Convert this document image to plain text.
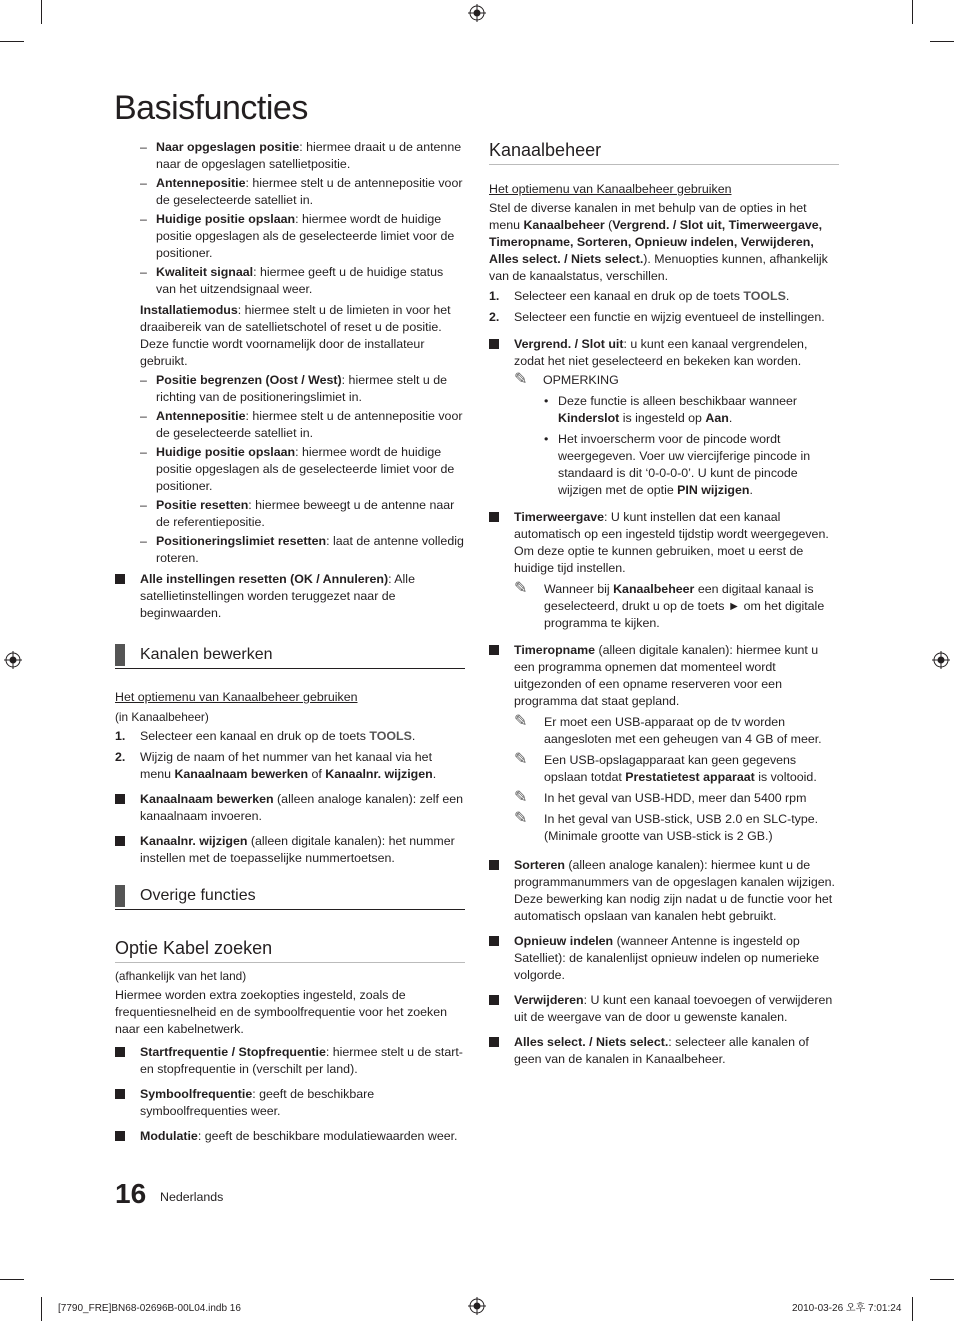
Basisfuncties
– Naar opgeslagen positie: hiermee draait u de antenne naar de opgeslagen satellietpositie.
– Antennepositie: hiermee stelt u de antennepositie voor de geselecteerde satelliet in.
– Huidige positie opslaan: hiermee wordt de huidige positie opgeslagen als de geselecteerde limiet voor de positioner.
– Kwaliteit signaal: hiermee geeft u de huidige status van het uitzendsignaal weer.

Installatiemodus: hiermee stelt u de limieten in voor het draaibereik van de satellietschotel of reset u de positie. Deze functie wordt voornamelijk door de installateur gebruikt.

– Positie begrenzen (Oost / West): hiermee stelt u de richting van de positioneringslimiet in.
– Antennepositie: hiermee stelt u de antennepositie voor de geselecteerde satelliet in.
– Huidige positie opslaan: hiermee wordt de huidige positie opgeslagen als de geselecteerde limiet voor de positioner.
– Positie resetten: hiermee beweegt u de antenne naar de referentiepositie.
– Positioneringslimiet resetten: laat de antenne volledig roteren.
Alle instellingen resetten (OK / Annuleren): Alle satellietinstellingen worden teruggezet naar de beginwaarden.
Kanalen bewerken
Het optiemenu van Kanaalbeheer gebruiken

(in Kanaalbeheer)

1. Selecteer een kanaal en druk op de toets TOOLS.
2. Wijzig de naam of het nummer van het kanaal via het menu Kanaalnaam bewerken of Kanaalnr. wijzigen.
Kanaalnaam bewerken (alleen analoge kanalen): zelf een kanaalnaam invoeren.
Kanaalnr. wijzigen (alleen digitale kanalen): het nummer instellen met de toepasselijke nummertoetsen.
Overige functies
Optie Kabel zoeken

(afhankelijk van het land)

Hiermee worden extra zoekopties ingesteld, zoals de frequentiesnelheid en de symboolfrequentie voor het zoeken naar een kabelnetwerk.

Startfrequentie / Stopfrequentie: hiermee stelt u de start- en stopfrequentie in (verschilt per land).
Symboolfrequentie: geeft de beschikbare symboolfrequenties weer.
Modulatie: geeft de beschikbare modulatiewaarden weer.
Kanaalbeheer
Het optiemenu van Kanaalbeheer gebruiken

Stel de diverse kanalen in met behulp van de opties in het menu Kanaalbeheer (Vergrend. / Slot uit, Timerweergave, Timeropname, Sorteren, Opnieuw indelen, Verwijderen, Alles select. / Niets select.). Menuopties kunnen, afhankelijk van de kanaalstatus, verschillen.

1. Selecteer een kanaal en druk op de toets TOOLS.
2. Selecteer een functie en wijzig eventueel de instellingen.
Vergrend. / Slot uit: u kunt een kanaal vergrendelen, zodat het niet geselecteerd en bekeken kan worden.
✎ OPMERKING
• Deze functie is alleen beschikbaar wanneer Kinderslot is ingesteld op Aan.
• Het invoerscherm voor de pincode wordt weergegeven. Voer uw viercijferige pincode in standaard is dit ‘0-0-0-0’. U kunt de pincode wijzigen met de optie PIN wijzigen.
Timerweergave: U kunt instellen dat een kanaal automatisch op een ingesteld tijdstip wordt weergegeven. Om deze optie te kunnen gebruiken, moet u eerst de huidige tijd instellen.
✎ Wanneer bij Kanaalbeheer een digitaal kanaal is geselecteerd, drukt u op de toets ► om het digitale programma te kijken.
Timeropname (alleen digitale kanalen): hiermee kunt u een programma opnemen dat momenteel wordt uitgezonden of een opname reserveren voor een programma dat staat gepland.
✎ Er moet een USB-apparaat op de tv worden aangesloten met een geheugen van 4 GB of meer.
✎ Een USB-opslagapparaat kan geen gegevens opslaan totdat Prestatietest apparaat is voltooid.
✎ In het geval van USB-HDD, meer dan 5400 rpm
✎ In het geval van USB-stick, USB 2.0 en SLC-type. (Minimale grootte van USB-stick is 2 GB.)
Sorteren (alleen analoge kanalen): hiermee kunt u de programmanummers van de opgeslagen kanalen wijzigen. Deze bewerking kan nodig zijn nadat u de functie voor het automatisch opslaan van kanalen hebt gebruikt.
Opnieuw indelen (wanneer Antenne is ingesteld op Satelliet): de kanalenlijst opnieuw indelen op numerieke volgorde.
Verwijderen: U kunt een kanaal toevoegen of verwijderen uit de weergave van de door u gewenste kanalen.
Alles select. / Niets select.: selecteer alle kanalen of geen van de kanalen in Kanaalbeheer.
16 Nederlands
[7790_FRE]BN68-02696B-00L04.indb 16	2010-03-26 오후 7:01:24
